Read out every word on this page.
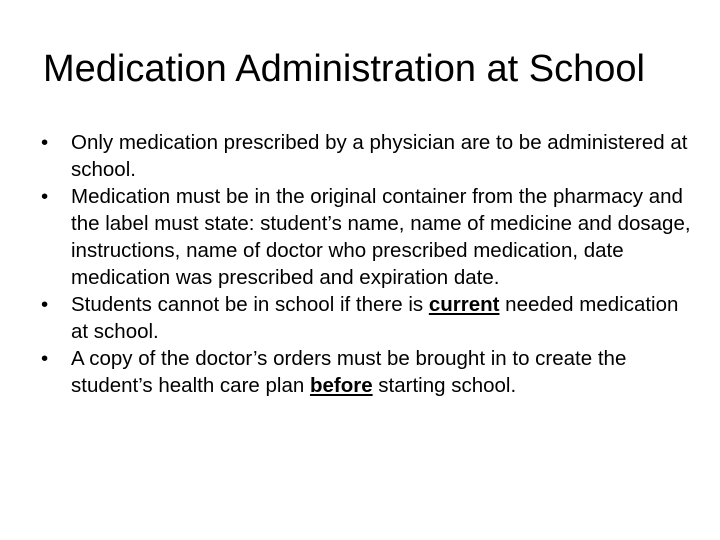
Medication Administration at School
•	Only medication prescribed by a physician are to be administered at school.
•	Medication must be in the original container from the pharmacy and the label must state: student’s name, name of medicine and dosage, instructions, name of doctor who prescribed medication, date medication was prescribed and expiration date.
•	Students cannot be in school if there is current needed medication at school.
•	A copy of the doctor’s orders must be brought in to create the student’s health care plan before starting school.
